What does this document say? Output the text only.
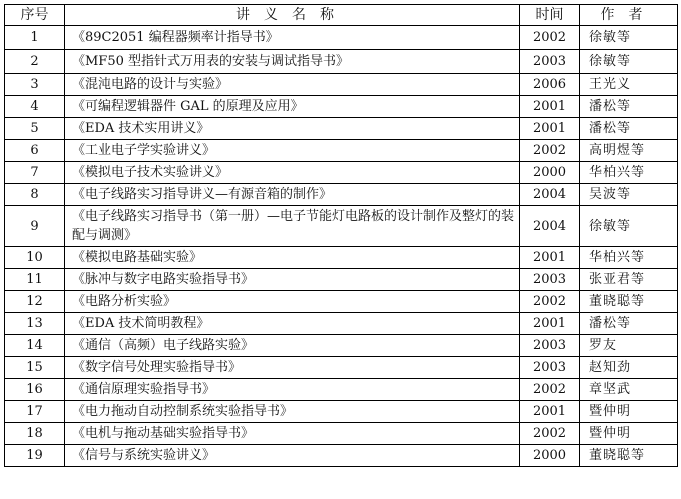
序号	讲义名称	时间	作者
1	《89C2051 编程器频率计指导书》	2002	徐敏等
2	《MF50 型指针式万用表的安装与调试指导书》	2003	徐敏等
3	《混沌电路的设计与实验》	2006	王光义
4	《可编程逻辑器件 GAL 的原理及应用》	2001	潘松等
5	《EDA 技术实用讲义》	2001	潘松等
6	《工业电子学实验讲义》	2002	高明煜等
7	《模拟电子技术实验讲义》	2000	华柏兴等
8	《电子线路实习指导讲义—有源音箱的制作》	2004	吴波等
9	《电子线路实习指导书（第一册）—电子节能灯电路板的设计制作及整灯的装配与调测》	2004	徐敏等
10	《模拟电路基础实验》	2001	华柏兴等
11	《脉冲与数字电路实验指导书》	2003	张亚君等
12	《电路分析实验》	2002	董晓聪等
13	《EDA 技术简明教程》	2001	潘松等
14	《通信（高频）电子线路实验》	2003	罗友
15	《数字信号处理实验指导书》	2003	赵知劲
16	《通信原理实验指导书》	2002	章坚武
17	《电力拖动自动控制系统实验指导书》	2001	暨仲明
18	《电机与拖动基础实验指导书》	2002	暨仲明
19	《信号与系统实验讲义》	2000	董晓聪等
